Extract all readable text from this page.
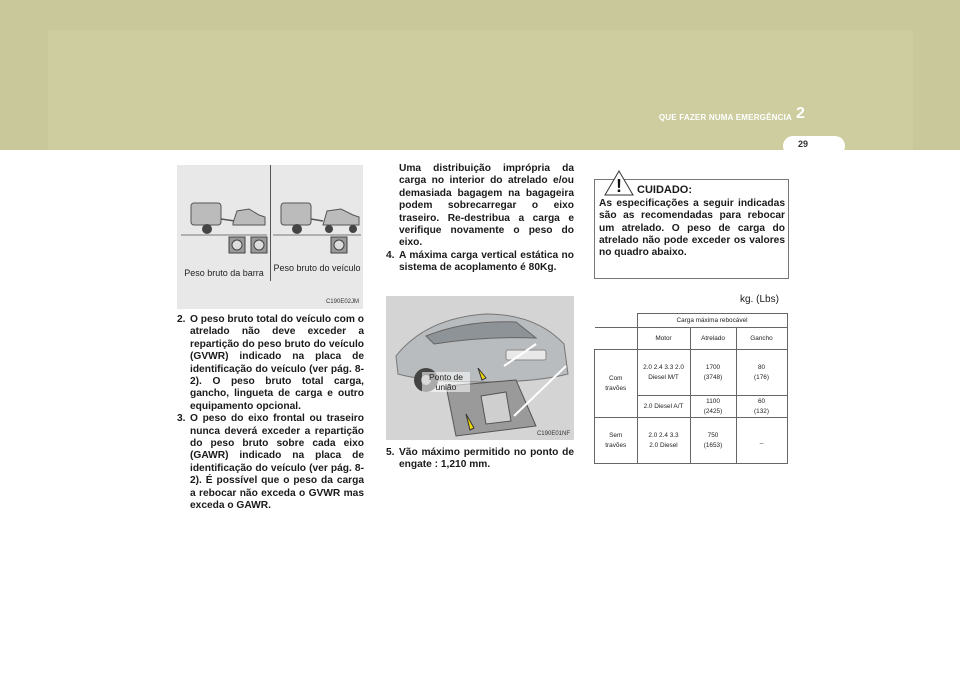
QUE FAZER NUMA EMERGÊNCIA 2
29
Peso bruto da barra	Peso bruto do veículo
C190E02JM
2. O peso bruto total do veículo com o atrelado não deve exceder a repartição do peso bruto do veículo (GVWR) indicado na placa de identificação do veículo (ver pág. 8-2). O peso bruto total carga, gancho, lingueta de carga e outro equipamento opcional.
3. O peso do eixo frontal ou traseiro nunca deverá exceder a repartição do peso bruto sobre cada eixo (GAWR) indicado na placa de identificação do veículo (ver pág. 8-2). É possível que o peso da carga a rebocar não exceda o GVWR mas exceda o GAWR.

Uma distribuição imprópria da carga no interior do atrelado e/ou demasiada bagagem na bagageira podem sobrecarregar o eixo traseiro. Re-destribua a carga e verifique novamente o peso do eixo.

4. A máxima carga vertical estática no sistema de acoplamento é 80Kg.
Ponto de união
C190E01NF
5. Vão máximo permitido no ponto de engate : 1,210 mm.
! CUIDADO:
As especificações a seguir indicadas são as recomendadas para rebocar um atrelado. O peso de carga do atrelado não pode exceder os valores no quadro abaixo.
kg. (Lbs)
	Carga máxima rebocável		
	Motor	Atrelado	Gancho

Com travões	2.0 2.4 3.3 2.0 Diesel M/T	1700 (3748)	80 (176)

	2.0 Diesel A/T	1100 (2425)	60 (132)

Sem travões	2.0 2.4 3.3 2.0 Diesel	750 (1653)	_
